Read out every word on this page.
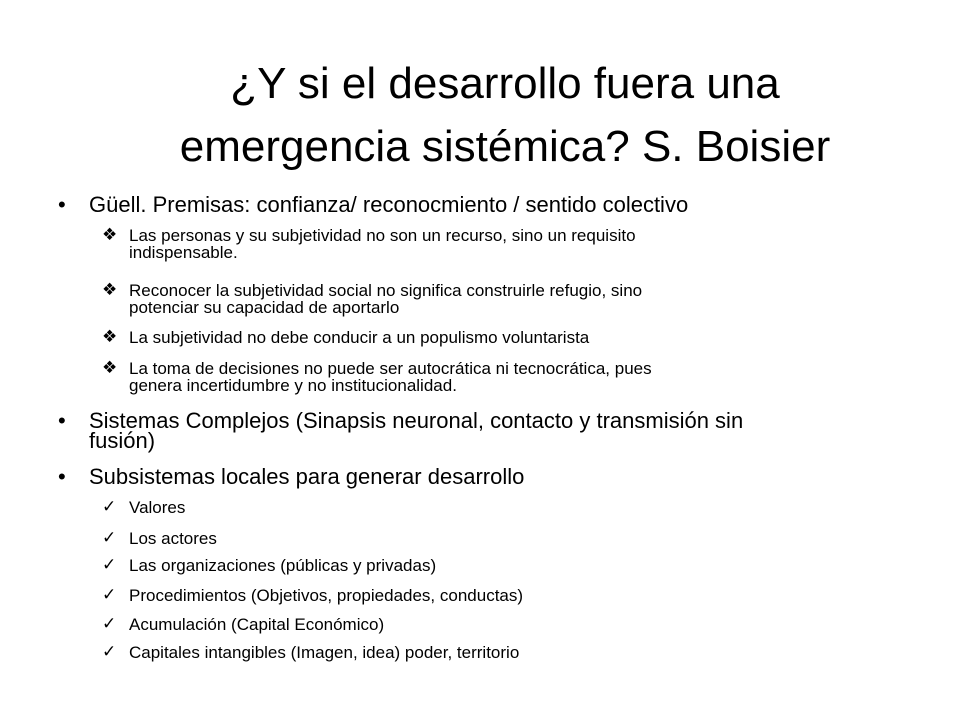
¿Y si el desarrollo fuera una
emergencia sistémica? S. Boisier
• Güell. Premisas: confianza/ reconocmiento / sentido colectivo
❖ Las personas y su subjetividad no son un recurso, sino un requisito
indispensable.
❖ Reconocer la subjetividad social no significa construirle refugio, sino
potenciar su capacidad de aportarlo
❖ La subjetividad no debe conducir a un populismo voluntarista
❖ La toma de decisiones no puede ser autocrática ni tecnocrática, pues
genera incertidumbre y no institucionalidad.
• Sistemas Complejos (Sinapsis neuronal, contacto y transmisión sin
fusión)
• Subsistemas locales para generar desarrollo
✓ Valores
✓ Los actores
✓ Las organizaciones (públicas y privadas)
✓ Procedimientos (Objetivos, propiedades, conductas)
✓ Acumulación (Capital Económico)
✓ Capitales intangibles (Imagen, idea) poder, territorio
